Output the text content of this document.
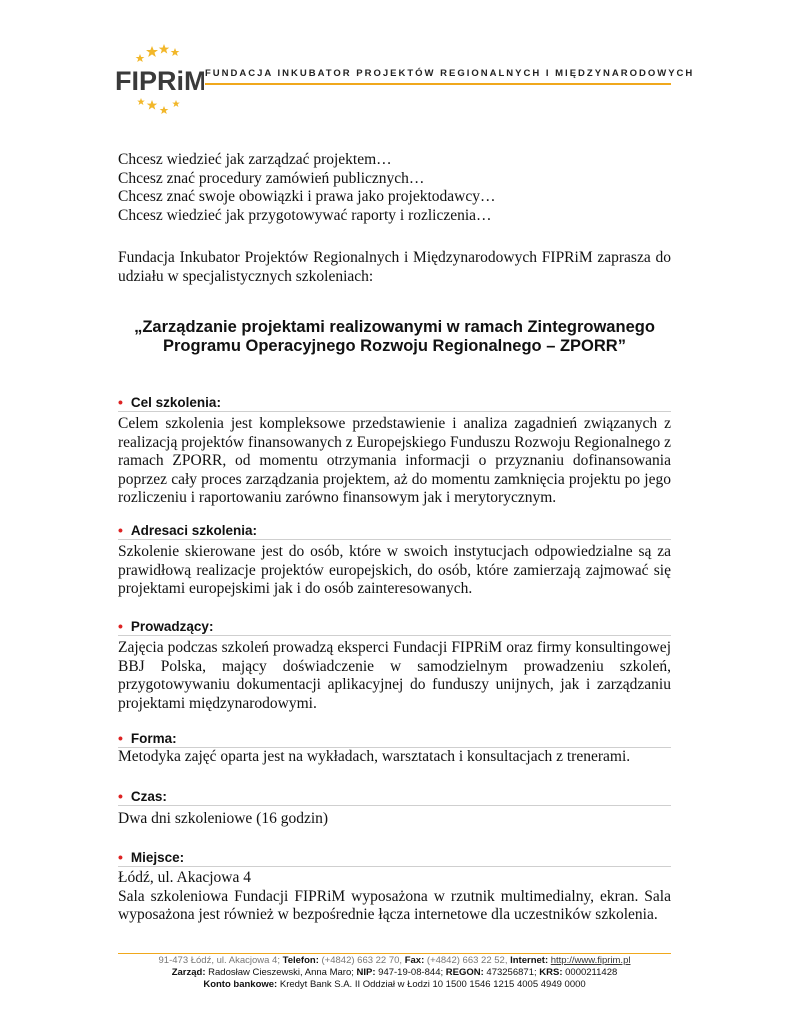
FIPRiM
FUNDACJA INKUBATOR PROJEKTÓW REGIONALNYCH I MIĘDZYNARODOWYCH
Chcesz wiedzieć jak zarządzać projektem…
Chcesz znać procedury zamówień publicznych…
Chcesz znać swoje obowiązki i prawa jako projektodawcy…
Chcesz wiedzieć jak przygotowywać raporty i rozliczenia…
Fundacja Inkubator Projektów Regionalnych i Międzynarodowych FIPRiM zaprasza do udziału w specjalistycznych szkoleniach:
„Zarządzanie projektami realizowanymi w ramach Zintegrowanego
Programu Operacyjnego Rozwoju Regionalnego – ZPORR”
• Cel szkolenia:
Celem szkolenia jest kompleksowe przedstawienie i analiza zagadnień związanych z realizacją projektów finansowanych z Europejskiego Funduszu Rozwoju Regionalnego z ramach ZPORR, od momentu otrzymania informacji o przyznaniu dofinansowania poprzez cały proces zarządzania projektem, aż do momentu zamknięcia projektu po jego rozliczeniu i raportowaniu zarówno finansowym jak i merytorycznym.
• Adresaci szkolenia:
Szkolenie skierowane jest do osób, które w swoich instytucjach odpowiedzialne są za prawidłową realizacje projektów europejskich, do osób, które zamierzają zajmować się projektami europejskimi jak i do osób zainteresowanych.
• Prowadzący:
Zajęcia podczas szkoleń prowadzą eksperci Fundacji FIPRiM oraz firmy konsultingowej BBJ Polska, mający doświadczenie w samodzielnym prowadzeniu szkoleń, przygotowywaniu dokumentacji aplikacyjnej do funduszy unijnych, jak i zarządzaniu projektami międzynarodowymi.
• Forma:
Metodyka zajęć oparta jest na wykładach, warsztatach i konsultacjach z trenerami.
• Czas:
Dwa dni szkoleniowe (16 godzin)
• Miejsce:
Łódź, ul. Akacjowa 4
Sala szkoleniowa Fundacji FIPRiM wyposażona w rzutnik multimedialny, ekran. Sala wyposażona jest również w bezpośrednie łącza internetowe dla uczestników szkolenia.
91-473 Łódź, ul. Akacjowa 4; Telefon: (+4842) 663 22 70, Fax: (+4842) 663 22 52, Internet: http://www.fiprim.pl
Zarząd: Radosław Cieszewski, Anna Maro; NIP: 947-19-08-844; REGON: 473256871; KRS: 0000211428
Konto bankowe: Kredyt Bank S.A. II Oddział w Łodzi 10 1500 1546 1215 4005 4949 0000
